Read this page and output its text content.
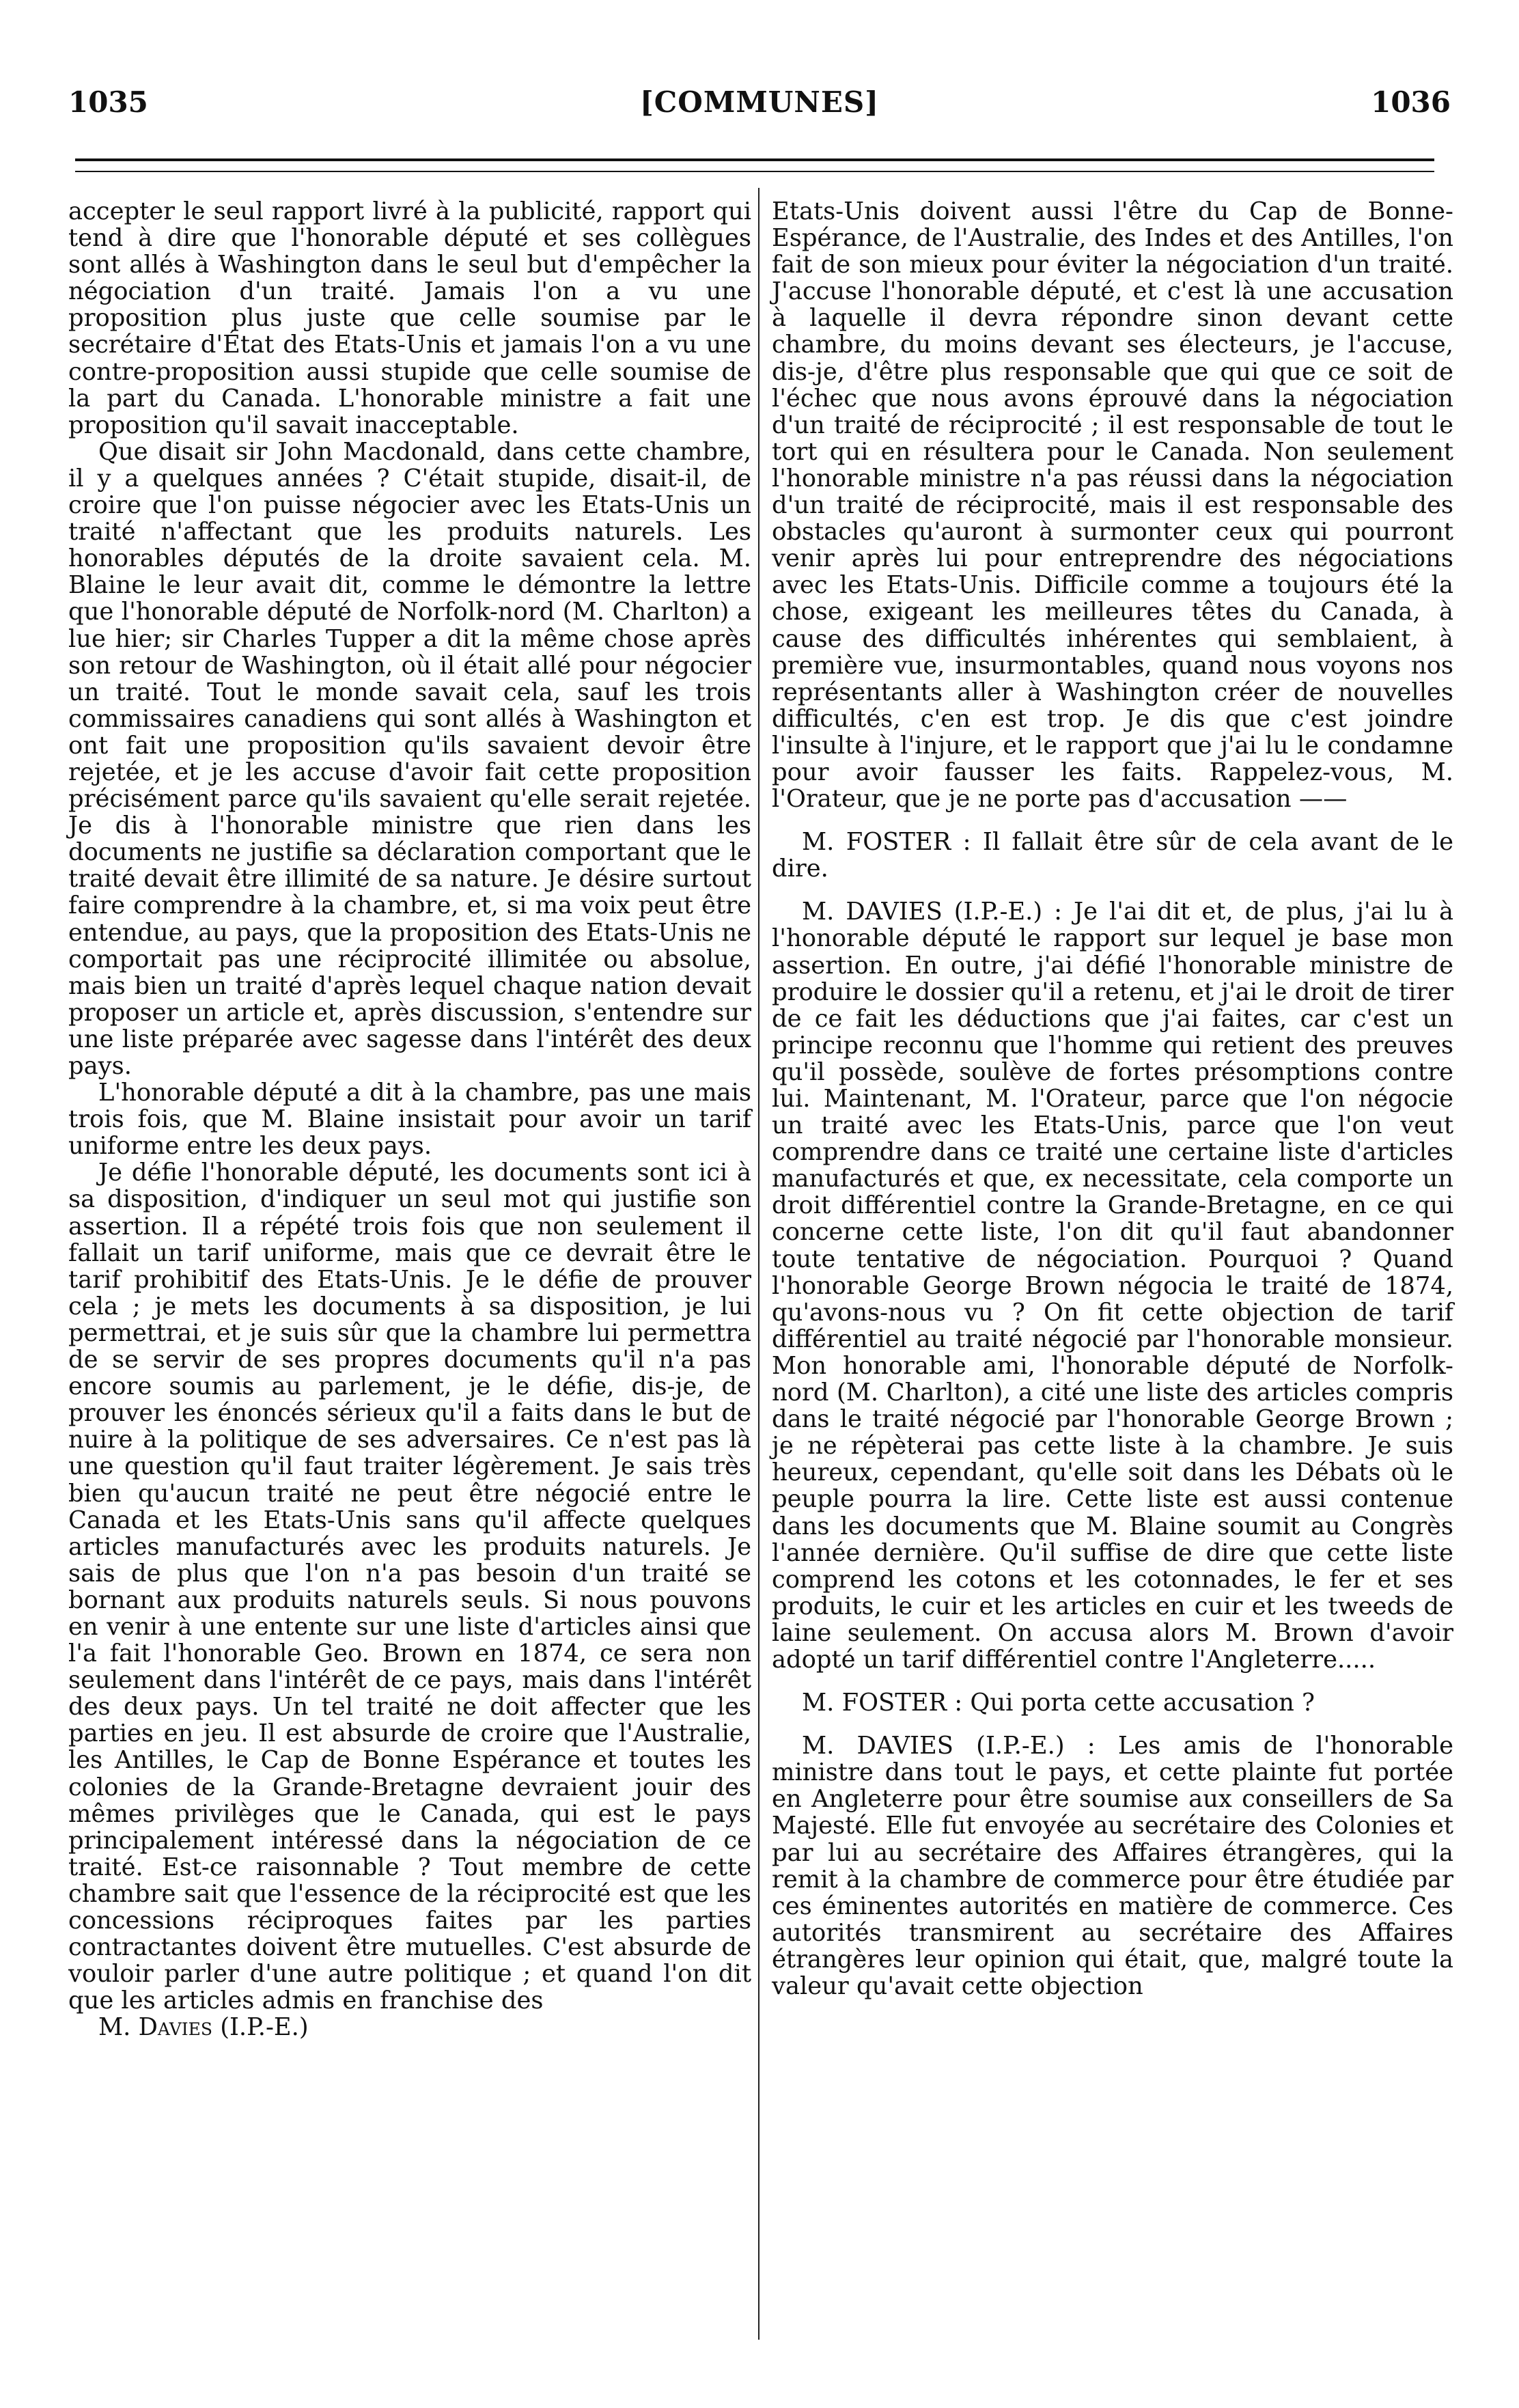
1035	[COMMUNES]	1036

accepter le seul rapport livré à la publicité, rapport qui tend à dire que l'honorable député et ses collègues sont allés à Washington dans le seul but d'empêcher la négociation d'un traité. Jamais l'on a vu une proposition plus juste que celle soumise par le secrétaire d'État des Etats-Unis et jamais l'on a vu une contre-proposition aussi stupide que celle soumise de la part du Canada. L'honorable ministre a fait une proposition qu'il savait inacceptable.

Que disait sir John Macdonald, dans cette chambre, il y a quelques années ? C'était stupide, disait-il, de croire que l'on puisse négocier avec les Etats-Unis un traité n'affectant que les produits naturels. Les honorables députés de la droite savaient cela. M. Blaine le leur avait dit, comme le démontre la lettre que l'honorable député de Norfolk-nord (M. Charlton) a lue hier; sir Charles Tupper a dit la même chose après son retour de Washington, où il était allé pour négocier un traité. Tout le monde savait cela, sauf les trois commissaires canadiens qui sont allés à Washington et ont fait une proposition qu'ils savaient devoir être rejetée, et je les accuse d'avoir fait cette proposition précisément parce qu'ils savaient qu'elle serait rejetée. Je dis à l'honorable ministre que rien dans les documents ne justifie sa déclaration comportant que le traité devait être illimité de sa nature. Je désire surtout faire comprendre à la chambre, et, si ma voix peut être entendue, au pays, que la proposition des Etats-Unis ne comportait pas une réciprocité illimitée ou absolue, mais bien un traité d'après lequel chaque nation devait proposer un article et, après discussion, s'entendre sur une liste préparée avec sagesse dans l'intérêt des deux pays.

L'honorable député a dit à la chambre, pas une mais trois fois, que M. Blaine insistait pour avoir un tarif uniforme entre les deux pays.

Je défie l'honorable député, les documents sont ici à sa disposition, d'indiquer un seul mot qui justifie son assertion. Il a répété trois fois que non seulement il fallait un tarif uniforme, mais que ce devrait être le tarif prohibitif des Etats-Unis. Je le défie de prouver cela ; je mets les documents à sa disposition, je lui permettrai, et je suis sûr que la chambre lui permettra de se servir de ses propres documents qu'il n'a pas encore soumis au parlement, je le défie, dis-je, de prouver les énoncés sérieux qu'il a faits dans le but de nuire à la politique de ses adversaires. Ce n'est pas là une question qu'il faut traiter légèrement. Je sais très bien qu'aucun traité ne peut être négocié entre le Canada et les Etats-Unis sans qu'il affecte quelques articles manufacturés avec les produits naturels. Je sais de plus que l'on n'a pas besoin d'un traité se bornant aux produits naturels seuls. Si nous pouvons en venir à une entente sur une liste d'articles ainsi que l'a fait l'honorable Geo. Brown en 1874, ce sera non seulement dans l'intérêt de ce pays, mais dans l'intérêt des deux pays. Un tel traité ne doit affecter que les parties en jeu. Il est absurde de croire que l'Australie, les Antilles, le Cap de Bonne Espérance et toutes les colonies de la Grande-Bretagne devraient jouir des mêmes privilèges que le Canada, qui est le pays principalement intéressé dans la négociation de ce traité. Est-ce raisonnable ? Tout membre de cette chambre sait que l'essence de la réciprocité est que les concessions réciproques faites par les parties contractantes doivent être mutuelles. C'est absurde de vouloir parler d'une autre politique ; et quand l'on dit que les articles admis en franchise des

M. Davies (I.P.-E.)

Etats-Unis doivent aussi l'être du Cap de Bonne-Espérance, de l'Australie, des Indes et des Antilles, l'on fait de son mieux pour éviter la négociation d'un traité. J'accuse l'honorable député, et c'est là une accusation à laquelle il devra répondre sinon devant cette chambre, du moins devant ses électeurs, je l'accuse, dis-je, d'être plus responsable que qui que ce soit de l'échec que nous avons éprouvé dans la négociation d'un traité de réciprocité ; il est responsable de tout le tort qui en résultera pour le Canada. Non seulement l'honorable ministre n'a pas réussi dans la négociation d'un traité de réciprocité, mais il est responsable des obstacles qu'auront à surmonter ceux qui pourront venir après lui pour entreprendre des négociations avec les Etats-Unis. Difficile comme a toujours été la chose, exigeant les meilleures têtes du Canada, à cause des difficultés inhérentes qui semblaient, à première vue, insurmontables, quand nous voyons nos représentants aller à Washington créer de nouvelles difficultés, c'en est trop. Je dis que c'est joindre l'insulte à l'injure, et le rapport que j'ai lu le condamne pour avoir fausser les faits. Rappelez-vous, M. l'Orateur, que je ne porte pas d'accusation ——

M. FOSTER : Il fallait être sûr de cela avant de le dire.

M. DAVIES (I.P.-E.) : Je l'ai dit et, de plus, j'ai lu à l'honorable député le rapport sur lequel je base mon assertion. En outre, j'ai défié l'honorable ministre de produire le dossier qu'il a retenu, et j'ai le droit de tirer de ce fait les déductions que j'ai faites, car c'est un principe reconnu que l'homme qui retient des preuves qu'il possède, soulève de fortes présomptions contre lui. Maintenant, M. l'Orateur, parce que l'on négocie un traité avec les Etats-Unis, parce que l'on veut comprendre dans ce traité une certaine liste d'articles manufacturés et que, ex necessitate, cela comporte un droit différentiel contre la Grande-Bretagne, en ce qui concerne cette liste, l'on dit qu'il faut abandonner toute tentative de négociation. Pourquoi ? Quand l'honorable George Brown négocia le traité de 1874, qu'avons-nous vu ? On fit cette objection de tarif différentiel au traité négocié par l'honorable monsieur. Mon honorable ami, l'honorable député de Norfolk-nord (M. Charlton), a cité une liste des articles compris dans le traité négocié par l'honorable George Brown ; je ne répèterai pas cette liste à la chambre. Je suis heureux, cependant, qu'elle soit dans les Débats où le peuple pourra la lire. Cette liste est aussi contenue dans les documents que M. Blaine soumit au Congrès l'année dernière. Qu'il suffise de dire que cette liste comprend les cotons et les cotonnades, le fer et ses produits, le cuir et les articles en cuir et les tweeds de laine seulement. On accusa alors M. Brown d'avoir adopté un tarif différentiel contre l'Angleterre.....

M. FOSTER : Qui porta cette accusation ?

M. DAVIES (I.P.-E.) : Les amis de l'honorable ministre dans tout le pays, et cette plainte fut portée en Angleterre pour être soumise aux conseillers de Sa Majesté. Elle fut envoyée au secrétaire des Colonies et par lui au secrétaire des Affaires étrangères, qui la remit à la chambre de commerce pour être étudiée par ces éminentes autorités en matière de commerce. Ces autorités transmirent au secrétaire des Affaires étrangères leur opinion qui était, que, malgré toute la valeur qu'avait cette objection
